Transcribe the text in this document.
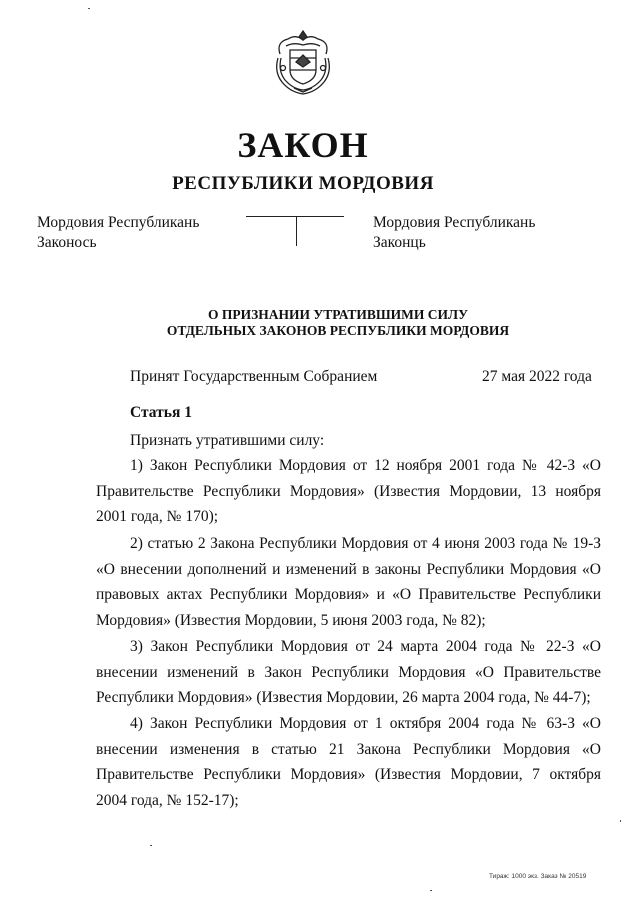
ЗАКОН
РЕСПУБЛИКИ МОРДОВИЯ
Мордовия Республикань
Законось
Мордовия Республикань
Законць
О ПРИЗНАНИИ УТРАТИВШИМИ СИЛУ
ОТДЕЛЬНЫХ ЗАКОНОВ РЕСПУБЛИКИ МОРДОВИЯ
Принят Государственным Собранием	27 мая 2022 года
Статья 1
Признать утратившими силу:
1) Закон Республики Мордовия от 12 ноября 2001 года № 42-З «О Правительстве Республики Мордовия» (Известия Мордовии, 13 ноября 2001 года, № 170);
2) статью 2 Закона Республики Мордовия от 4 июня 2003 года № 19-З «О внесении дополнений и изменений в законы Республики Мордовия «О правовых актах Республики Мордовия» и «О Правительстве Республики Мордовия» (Известия Мордовии, 5 июня 2003 года, № 82);
3) Закон Республики Мордовия от 24 марта 2004 года № 22-З «О внесении изменений в Закон Республики Мордовия «О Правительстве Республики Мордовия» (Известия Мордовии, 26 марта 2004 года, № 44-7);
4) Закон Республики Мордовия от 1 октября 2004 года № 63-З «О внесении изменения в статью 21 Закона Республики Мордовия «О Правительстве Республики Мордовия» (Известия Мордовии, 7 октября 2004 года, № 152-17);
Тираж: 1000 экз. Заказ № 20519
